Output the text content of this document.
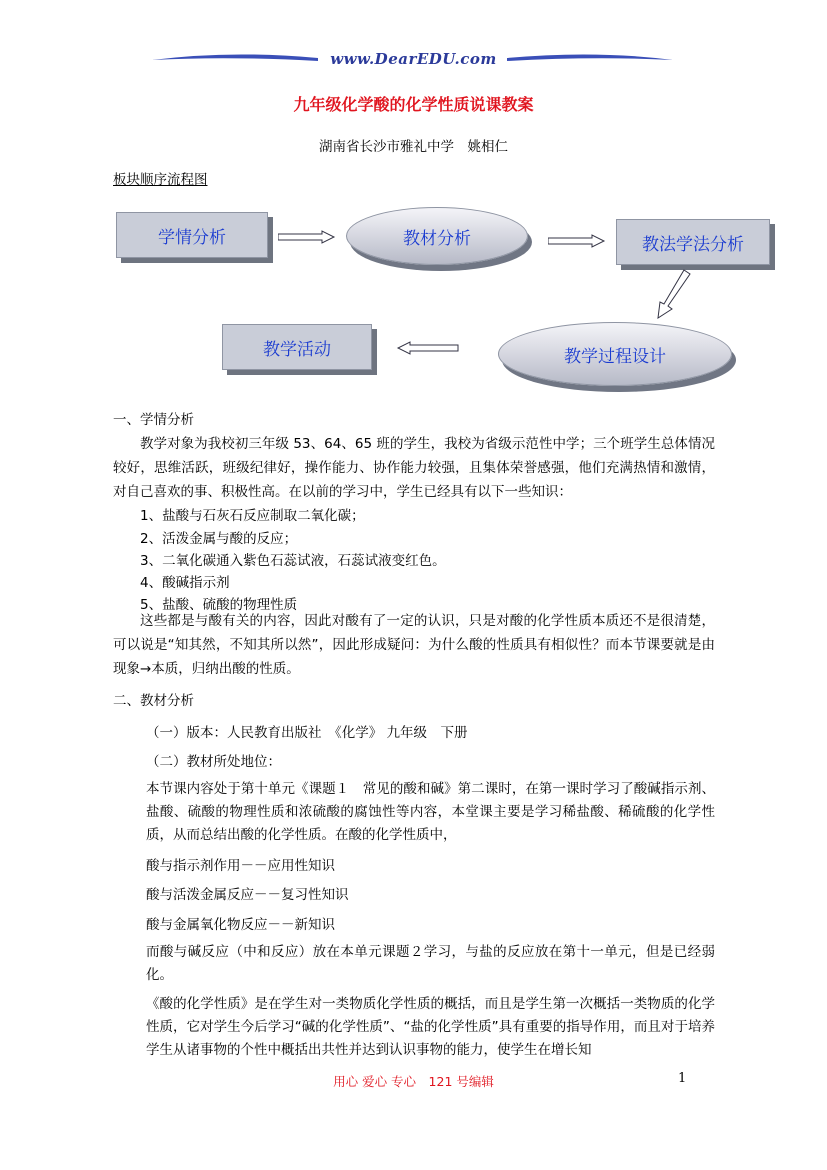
www.DearEDU.com
九年级化学酸的化学性质说课教案
湖南省长沙市雅礼中学　姚相仁
板块顺序流程图
学情分析	教材分析	教法学法分析
教学过程设计
教学活动
一、学情分析
教学对象为我校初三年级 53、64、65 班的学生，我校为省级示范性中学；三个班学生总体情况较好，思维活跃，班级纪律好，操作能力、协作能力较强，且集体荣誉感强，他们充满热情和激情，对自己喜欢的事、积极性高。在以前的学习中，学生已经具有以下一些知识：
1、盐酸与石灰石反应制取二氧化碳；
2、活泼金属与酸的反应；
3、二氧化碳通入紫色石蕊试液，石蕊试液变红色。
4、酸碱指示剂
5、盐酸、硫酸的物理性质
这些都是与酸有关的内容，因此对酸有了一定的认识，只是对酸的化学性质本质还不是很清楚，可以说是“知其然，不知其所以然”，因此形成疑问：为什么酸的性质具有相似性？而本节课要就是由现象→本质，归纳出酸的性质。
二、教材分析
（一）版本：人民教育出版社　《化学》 九年级　下册
（二）教材所处地位：
本节课内容处于第十单元《课题１　常见的酸和碱》第二课时，在第一课时学习了酸碱指示剂、盐酸、硫酸的物理性质和浓硫酸的腐蚀性等内容，本堂课主要是学习稀盐酸、稀硫酸的化学性质，从而总结出酸的化学性质。在酸的化学性质中，
酸与指示剂作用－－应用性知识
酸与活泼金属反应－－复习性知识
酸与金属氧化物反应－－新知识
而酸与碱反应（中和反应）放在本单元课题２学习，与盐的反应放在第十一单元，但是已经弱化。
《酸的化学性质》是在学生对一类物质化学性质的概括，而且是学生第一次概括一类物质的化学性质，它对学生今后学习“碱的化学性质”、“盐的化学性质”具有重要的指导作用，而且对于培养学生从诸事物的个性中概括出共性并达到认识事物的能力，使学生在增长知
用心 爱心 专心　121 号编辑	1
